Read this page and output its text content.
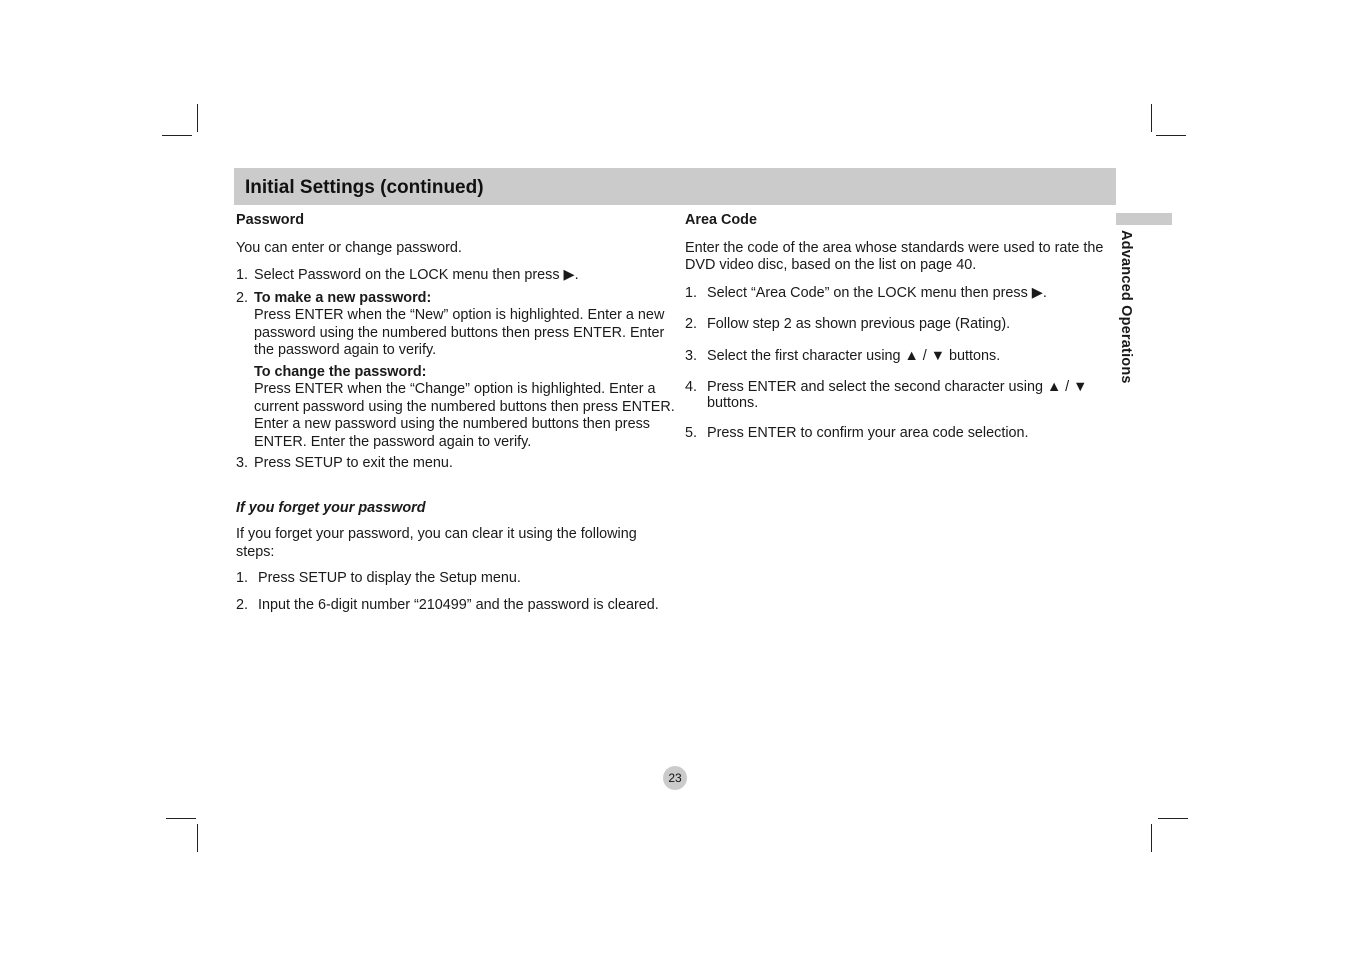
Initial Settings (continued)
Advanced Operations

Password

You can enter or change password.

1. Select Password on the LOCK menu then press ▶.
2. To make a new password:
Press ENTER when the “New” option is highlighted. Enter a new password using the numbered buttons then press ENTER. Enter the password again to verify.
To change the password:
Press ENTER when the “Change” option is highlighted. Enter a current password using the numbered buttons then press ENTER. Enter a new password using the numbered buttons then press ENTER. Enter the password again to verify.
3. Press SETUP to exit the menu.

If you forget your password

If you forget your password, you can clear it using the following steps:

1. Press SETUP to display the Setup menu.
2. Input the 6-digit number “210499” and the password is cleared.

Area Code

Enter the code of the area whose standards were used to rate the DVD video disc, based on the list on page 40.

1. Select “Area Code” on the LOCK menu then press ▶.
2. Follow step 2 as shown previous page (Rating).
3. Select the first character using ▲ / ▼ buttons.
4. Press ENTER and select the second character using ▲ / ▼ buttons.
5. Press ENTER to confirm your area code selection.
23
